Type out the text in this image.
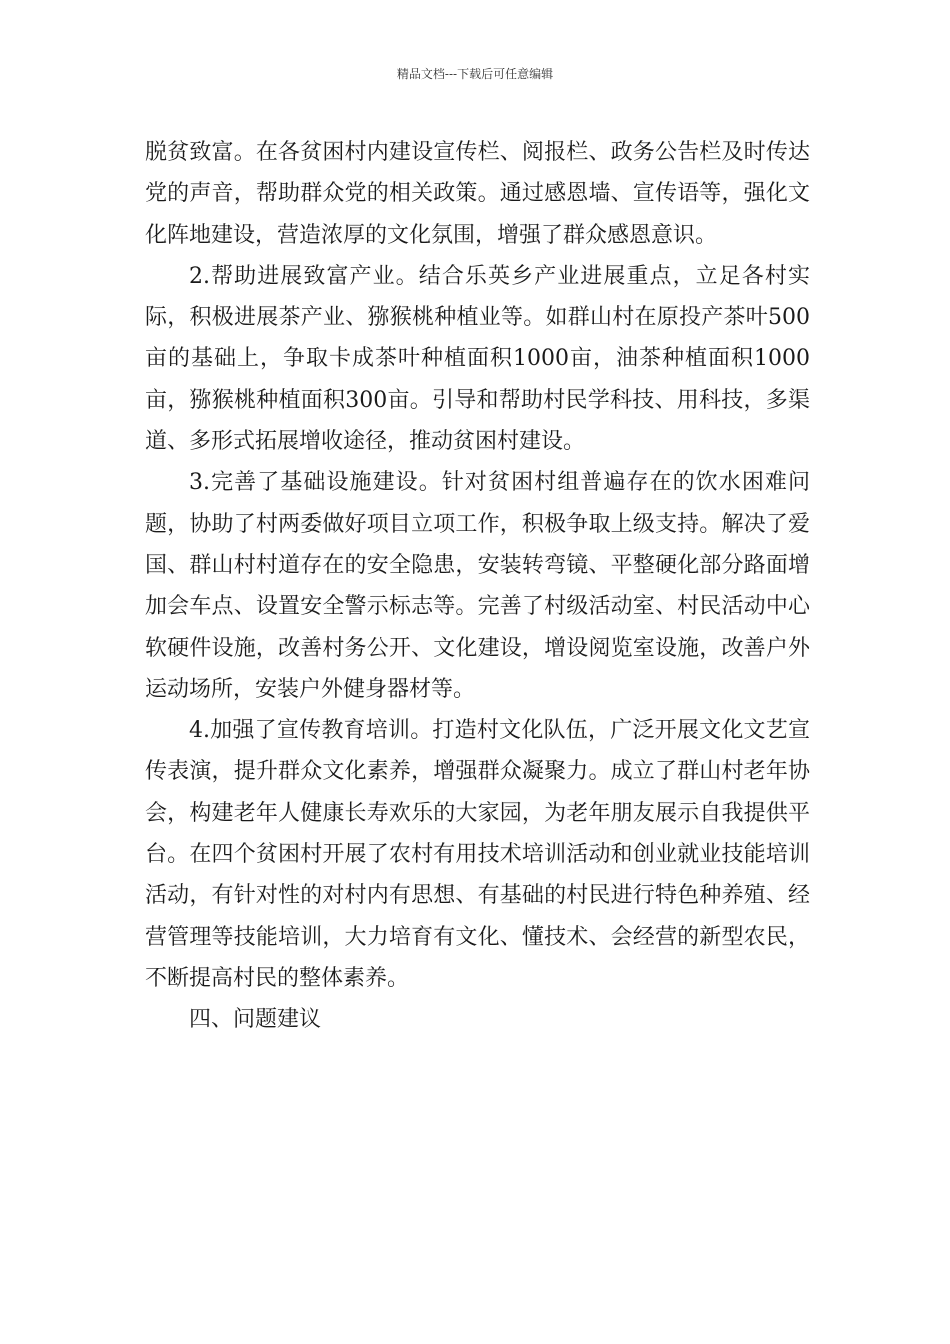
精品文档---下载后可任意编辑

脱贫致富。在各贫困村内建设宣传栏、阅报栏、政务公告栏及时传达党的声音，帮助群众党的相关政策。通过感恩墙、宣传语等，强化文化阵地建设，营造浓厚的文化氛围，增强了群众感恩意识。

2.帮助进展致富产业。结合乐英乡产业进展重点，立足各村实际，积极进展茶产业、猕猴桃种植业等。如群山村在原投产茶叶500亩的基础上，争取卡成茶叶种植面积1000亩，油茶种植面积1000亩，猕猴桃种植面积300亩。引导和帮助村民学科技、用科技，多渠道、多形式拓展增收途径，推动贫困村建设。

3.完善了基础设施建设。针对贫困村组普遍存在的饮水困难问题，协助了村两委做好项目立项工作，积极争取上级支持。解决了爱国、群山村村道存在的安全隐患，安装转弯镜、平整硬化部分路面增加会车点、设置安全警示标志等。完善了村级活动室、村民活动中心软硬件设施，改善村务公开、文化建设，增设阅览室设施，改善户外运动场所，安装户外健身器材等。

4.加强了宣传教育培训。打造村文化队伍，广泛开展文化文艺宣传表演，提升群众文化素养，增强群众凝聚力。成立了群山村老年协会，构建老年人健康长寿欢乐的大家园，为老年朋友展示自我提供平台。在四个贫困村开展了农村有用技术培训活动和创业就业技能培训活动，有针对性的对村内有思想、有基础的村民进行特色种养殖、经营管理等技能培训，大力培育有文化、懂技术、会经营的新型农民，不断提高村民的整体素养。

四、问题建议
